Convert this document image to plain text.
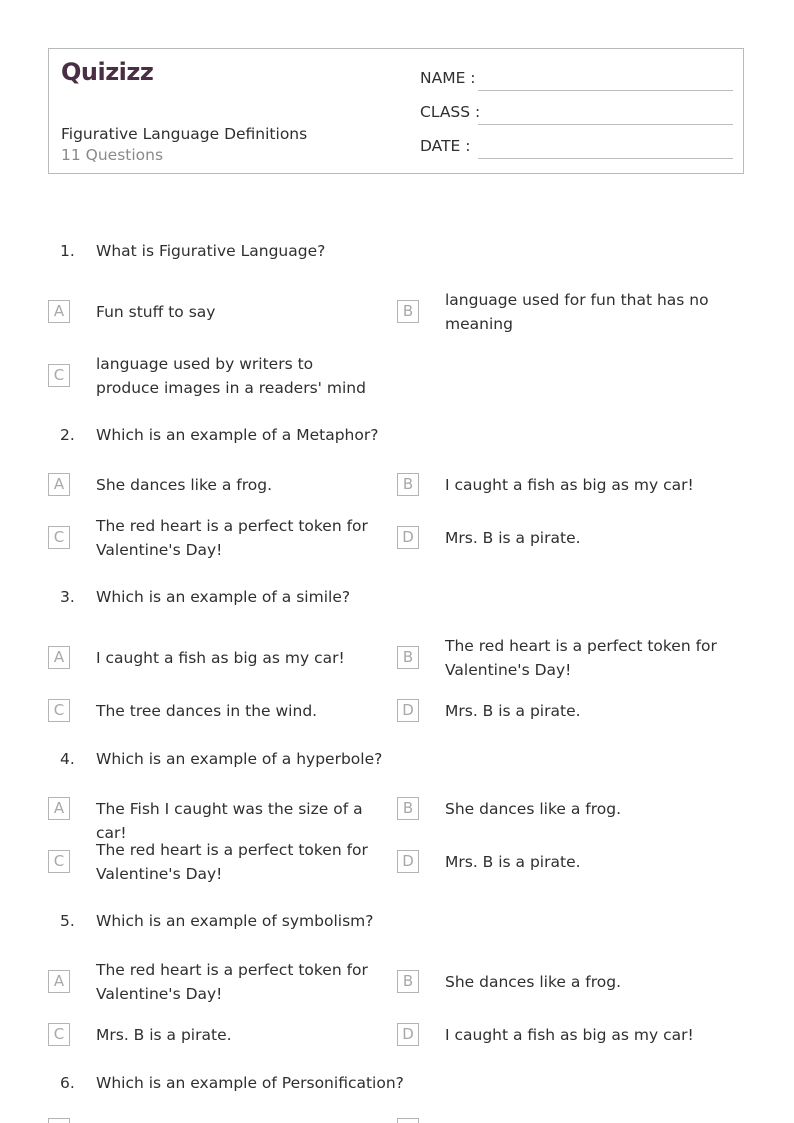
Quizizz
Figurative Language Definitions
11 Questions
NAME :
CLASS :
DATE :
1. What is Figurative Language?
A	Fun stuff to say	B
language used for fun that has no meaning
C
language used by writers to produce images in a readers' mind
2. Which is an example of a Metaphor?
A	She dances like a frog.	B	I caught a fish as big as my car!
C
The red heart is a perfect token for Valentine's Day!
D	Mrs. B is a pirate.
3. Which is an example of a simile?
A	I caught a fish as big as my car!	B
The red heart is a perfect token for Valentine's Day!
C	The tree dances in the wind.	D	Mrs. B is a pirate.
4. Which is an example of a hyperbole?
A	The Fish I caught was the size of a car!
B	She dances like a frog.
C
The red heart is a perfect token for Valentine's Day!
D	Mrs. B is a pirate.
5. Which is an example of symbolism?
A
The red heart is a perfect token for Valentine's Day!
B	She dances like a frog.
C	Mrs. B is a pirate.	D	I caught a fish as big as my car!
6. Which is an example of Personification?
